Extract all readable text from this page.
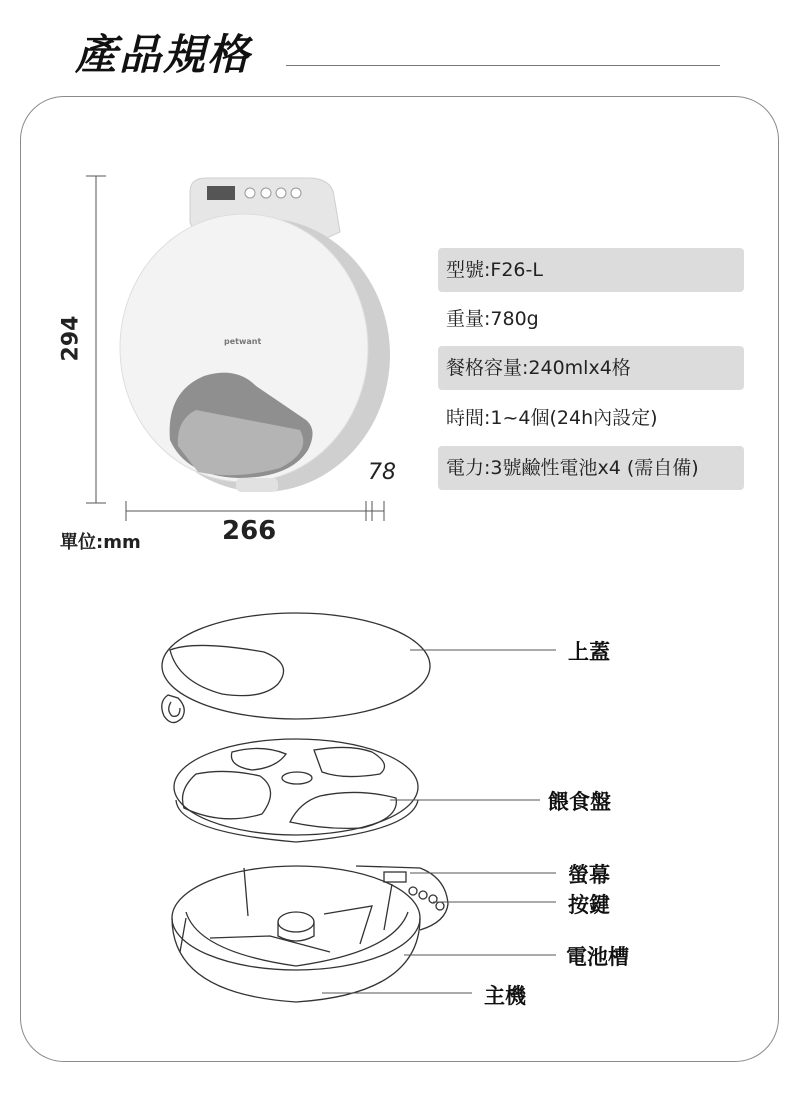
產品規格
petwant
型號:F26-L
重量:780g
餐格容量:240mlx4格
時間:1~4個(24h內設定)
電力:3號鹼性電池x4 (需自備)
294
266
78
單位:mm
上蓋
餵食盤
螢幕
按鍵
電池槽
主機
